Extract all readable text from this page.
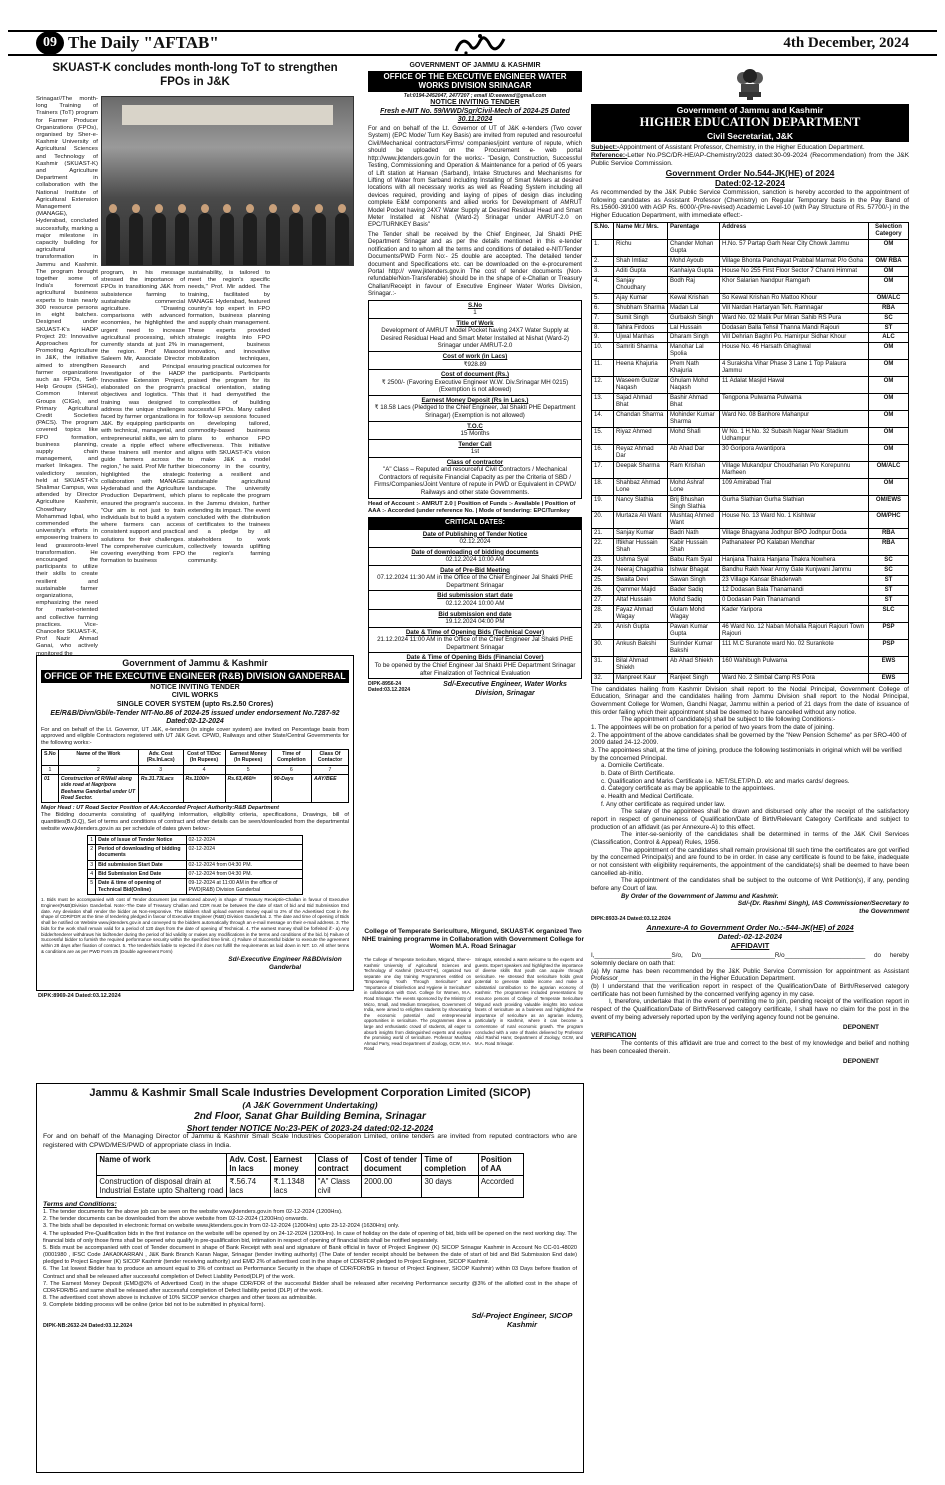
09 The Daily "AFTAB"	4th December, 2024
SKUAST-K concludes month-long ToT to strengthen FPOs in J&K
Srinagar//The month-long Training of Trainers (ToT) program for Farmer Producer Organizations (FPOs), organised by Sher-e-Kashmir University of Agricultural Sciences and Technology of Kashmir (SKUAST-K) and Agriculture Department in collaboration with the National Institute of Agricultural Extension Management (MANAGE), Hyderabad, concluded successfully, marking a major milestone in capacity building for agricultural transformation in Jammu and Kashmir. The program brought together some of India's foremost agricultural business experts to train nearly 300 resource persons in eight batches. Designed under SKUAST-K's HADP Project 20: Innovative Approaches for Promoting Agriculture in J&K, the initiative aimed to strengthen farmer organizations such as FPOs, Self-Help Groups (SHGs), Common Interest Groups (CIGs), and Primary Agricultural Credit Societies (PACS). The program covered topics like FPO formation, business planning, supply chain management, and market linkages. The valedictory session, held at SKUAST-K's Shalimar Campus, was attended by Director Agriculture Kashmir, Chowdhary Mohammad Iqbal, who commended the university's efforts in empowering trainers to lead grassroots-level transformation. He encouraged the participants to utilize their skills to create resilient and sustainable farmer organizations, emphasizing the need for market-oriented and collective farming practices. Vice-Chancellor SKUAST-K, Prof Nazir Ahmad Ganai, who actively monitored the
program, in his message stressed the importance of FPOs in transitioning J&K from subsistence farming to sustainable commercial agriculture. "Drawing comparisons with advanced economies, he highlighted the urgent need to increase agricultural processing, which currently stands at just 2% in the region. Prof Masood Saleem Mir, Associate Director Research and Principal Investigator of the HADP Innovative Extension Project, elaborated on the program's objectives and logistics. "This training was designed to address the unique challenges faced by farmer organizations in J&K. By equipping participants with technical, managerial, and entrepreneurial skills, we aim to create a ripple effect where these trainers will mentor and guide farmers across the region," he said. Prof Mir further highlighted the strategic collaboration with MANAGE Hyderabad and the Agriculture Production Department, which ensured the program's success. "Our aim is not just to train individuals but to build a system where farmers can access consistent support and practical solutions for their challenges. The comprehensive curriculum, covering everything from FPO formation to business
sustainability, is tailored to meet the region's specific needs," Prof. Mir added. The training, facilitated by MANAGE Hyderabad, featured country's top expert in FPO formation, business planning and supply chain management. These experts provided strategic insights into FPO management, business innovation, and innovative mobilization techniques, ensuring practical outcomes for the participants. Participants praised the program for its practical orientation, stating that it had demystified the complexities of building successful FPOs. Many called for follow-up sessions focused on developing tailored, commodity-based business plans to enhance FPO effectiveness. This initiative aligns with SKUAST-K's vision to make J&K a model bioeconomy in the country, fostering a resilient and sustainable agricultural landscape. The university plans to replicate the program in the Jammu division, further extending its impact. The event concluded with the distribution of certificates to the trainees and a pledge by all stakeholders to work collectively towards uplifting the region's farming community.
Government of Jammu & Kashmir
OFFICE OF THE EXECUTIVE ENGINEER (R&B) DIVISION GANDERBAL
NOTICE INVITING TENDER
CIVIL WORKS
SINGLE COVER SYSTEM (upto Rs.2.50 Crores)
EE/R&B/Divn/Gbl/e-Tender NIT-No.86 of 2024-25 issued under endorsement No.7287-92 Dated:02-12-2024
For and on behalf of the Lt. Governor, UT J&K, e-tenders (in single cover system) are invited on Percentage basis from approved and eligible Contractors registered with UT J&K Govt. CPWD, Railways and other State/Central Governments for the following works:-
S.No	Name of the Work	Adv. Cost (Rs.InLacs)	Cost of T/Doc (In Rupees)	Earnest Money (In Rupees)	Time of Completion	Class Of Contactor
1	2	3	4	5	6	7
01	Construction of R/Wall along side road at Nagripora Beehama Ganderbal under UT Road Sector.	Rs.31.73Lacs	Rs.1100/=	Rs.63,460/=	90-Days	AAY/BEE
Major Head : UT Road Sector Position of AA:Accorded Project Authority:R&B Department
The Bidding documents consisting of qualifying information, eligibility criteria, specifications, Drawings, bill of quantities(B.O.Q), Set of terms and conditions of contract and other details can be seen/downloaded from the departmental website www.jktenders.gov.in as per schedule of dates given below:-
1	Date of Issue of Tender Notice	02-12-2024
2	Period of downloading of bidding documents	02-12-2024
3	Bid submission Start Date	02-12-2024 from 04:30 PM.
4	Bid Submission End Date	07-12-2024 from 04:30 PM.
5	Date & time of opening of Technical Bid(Online)	09-12-2024 at 11:00 AM in the office of PWD(R&B) Division Ganderbal
1. Bids must be accompanied with cost of Tender document (as mentioned above) in shape of Treasury Receipt/e-Challan in favour of Executive Engineer(R&B)Division Ganderbal. Note:-The Date of Treasury Challan and CDR must be between the date of start of bid and Bid Submission End date. Any deviation shall render the bidder as Non-responsive. The Bidders shall upload earnest money equal to 2% of the Advertised Cost in the shape of CDR/FDR at the time of tendering pledged in favour of Executive Engineer (R&B) Division Ganderbal. 2. The date and time of opening of Bids shall be notified on Website www.jktenders.gov.in and conveyed to the bidders automatically through an e-mail message on their e-mail address. 3. The bids for the work shall remain valid for a period of 120 days from the date of opening of Technical. 4. The earnest money shall be forfeited if:- a) Any bidder/tenderer withdraws his bid/tender during the period of bid validity or makes any modifications in the terms and conditions of the bid. b) Failure of Successful bidder to furnish the required performance security within the specified time limit. c) Failure of Successful bidder to execute the agreement within 28 days after fixation of contract. 5. The tender/bids liable to rejected if it does not fulfill the requirements as laid down in NIT. 10. All other terms & conditions are as per PWD Form 25 (Double agreement Form)
Sd/-Executive Engineer R&BDivision Ganderbal
DIPK:8969-24 Dated:03.12.2024
GOVERNMENT OF JAMMU & KASHMIR
OFFICE OF THE EXECUTIVE ENGINEER WATER WORKS DIVISION SRINAGAR
Tel:0194-2452047, 2477207 ; email ID:eewwsd@gmail.com
NOTICE INVITING TENDER
Fresh e-NIT No. 59/WWD/Sgr/Civil-Mech of 2024-25 Dated 30.11.2024
For and on behalf of the Lt. Governor of UT of J&K e-tenders (Two cover System) (EPC Mode/ Turn Key Basis) are invited from reputed and resourceful Civil/Mechanical contractors/Firms/ companies/joint venture of repute, which should be uploaded on the Procurement e- web portal http://www.jktenders.gov.in for the works:- "Design, Construction, Successful Testing, Commissioning and Operation & Maintenance for a period of 05 years of Lift station at Harwan (Sarband), Intake Structures and Mechanisms for Lifting of Water from Sarband including Installing of Smart Meters at desired locations with all necessary works as well as Reading System including all devices required, providing and laying of pipes of design dias including complete E&M components and allied works for Development of AMRUT Model Pocket having 24X7 Water Supply at Desired Residual Head and Smart Meter Installed at Nishat (Ward-2) Srinagar under AMRUT-2.0 on EPC/TURNKEY Basis"
The Tender shall be received by the Chief Engineer, Jal Shakti PHE Department Srinagar and as per the details mentioned in this e-tender notification and to whom all the terms and conditions of detailed e-NIT/Tender Documents/PWD Form No:- 25 double are accepted. The detailed tender document and Specifications etc. can be downloaded on the e-procurement Portal http:// www.jktenders.gov.in The cost of tender documents (Non-refundable/Non-Transferable) should be in the shape of e-Challan or Treasury Challan/Receipt in favour of Executive Engineer Water Works Division, Srinagar.:-
S.No
1

Title of Work
Development of AMRUT Model Pocket having 24X7 Water Supply at Desired Residual Head and Smart Meter Installed at Nishat (Ward-2) Srinagar under AMRUT-2.0

Cost of work (in Lacs)
₹928.89

Cost of document (Rs.)
₹ 2500/- (Favoring Executive Engineer W.W. Div.Srinagar MH 0215) (Exemption is not allowed)

Earnest Money Deposit (Rs in Lacs.)
₹ 18.58 Lacs (Pledged to the Chief Engineer, Jal Shakti PHE Department Srinagar) (Exemption is not allowed)

T.O.C
15 Months

Tender Call
1st

Class of contractor
"A" Class – Reputed and resourceful Civil Contractors / Mechanical Contractors of requisite Financial Capacity as per the Criteria of SBD / Firms/Companies/Joint Venture of repute in PWD or Equivalent in CPWD/ Railways and other state Governments.
Head of Account :- AMRUT 2.0 | Position of Funds :- Available | Position of AAA :- Accorded (under reference No. | Mode of tendering: EPC/Turnkey
CRITICAL DATES:

Date of Publishing of Tender Notice
02.12.2024

Date of downloading of bidding documents
02.12.2024 10:00 AM

Date of Pre-Bid Meeting
07.12.2024 11:30 AM in the Office of the Chief Engineer Jal Shakti PHE Department Srinagar

Bid submission start date
02.12.2024 10:00 AM

Bid submission end date
19.12.2024 04:00 PM

Date & Time of Opening Bids (Technical Cover)
21.12.2024 11:00 AM in the Office of the Chief Engineer Jal Shakti PHE Department Srinagar

Date & Time of Opening Bids (Financial Cover)
To be opened by the Chief Engineer Jal Shakti PHE Department Srinagar after Finalization of Technical Evaluation
DIPK-8956-24 Dated:03.12.2024
Sd/-Executive Engineer, Water Works Division, Srinagar
College of Temperate Sericulture, Mirgund, SKUAST-K organized Two NHE training programme in Collaboration with Government College for Women M.A. Road Srinagar
The College of Temperate Sericulture, Mirgund, Sher-e-Kashmir University of Agricultural Sciences and Technology of Kashmir (SKUAST-K), organized two separate one day training Programmes entitled on "Empowering Youth Through Sericulture" and "Importance of Disinfection and Hygiene in Sericulture" in collaboration with Govt. College for Women, M.A. Road Srinagar. The events sponsored by the Ministry of Micro, Small, and Medium Enterprises, Government of India, were aimed to enlighten students by showcasing the economic potential and entrepreneurial opportunities in sericulture. The programmes drew a large and enthusiastic crowd of students, all eager to absorb insights from distinguished experts and explore the promising world of sericulture. Professor Mushtaq Ahmad Parry, Head Department of Zoology, GCW, M.A. Road
Srinagar, extended a warm welcome to the experts and guests. Expert speakers and highlighted the importance of diverse skills that youth can acquire through sericulture. He stressed that sericulture holds great potential to generate stable income and make a substantial contribution to the agrarian economy of Kashmir. The programmes included presentations by resource persons of College of Temperate Sericulture Mirgund each providing valuable insights into various facets of sericulture as a business and highlighted the importance of sericulture as an agrarian industry, particularly in Kashmir, where it can become a cornerstone of rural economic growth. The program concluded with a vote of thanks delivered by Professor Abid Rashid Hamr, Department of Zoology, GCW, and M.A. Road Srinagar.
Jammu & Kashmir Small Scale Industries Development Corporation Limited (SICOP)
(A J&K Government Undertaking)
2nd Floor, Sanat Ghar Building Bemina, Srinagar
Short tender NOTICE No:23-PEK of 2023-24 dated:02-12-2024
For and on behalf of the Managing Director of Jammu & Kashmir Small Scale Industries Cooperation Limited, online tenders are invited from reputed contractors who are registered with CPWD/MES/PWD of appropriate class in India.
Name of work	Adv. Cost. In lacs	Earnest money	Class of contract	Cost of tender document	Time of completion	Position of AA
Construction of disposal drain at Industrial Estate upto Shalteng road	₹.56.74 lacs	₹.1.1348 lacs	"A" Class civil	2000.00	30 days	Accorded
Terms and Conditions:
1. The tender documents for the above job can be seen on the website www.jktenders.gov.in from 02-12-2024 (1200Hrs).
2. The tender documents can be downloaded from the above website from 02-12-2024 (1200Hrs) onwards.
3. The bids shall be deposited in electronic format on website www.jktenders.gov.in from 02-12-2024 (1200Hrs) upto 23-12-2024 (1630Hrs) only.
4. The uploaded Pre-Qualification bids in the first instance on the website will be opened by on 24-12-2024 (1200Hrs). In case of holiday on the date of opening of bid, bids will be opened on the next working day. The financial bids of only those firms shall be opened who qualify in pre-qualification bid, intimation in respect of opening of financial bids shall be notified separately.
5. Bids must be accompanied with cost of Tender document in shape of Bank Receipt with seal and signature of Bank official in favor of Project Engineer (K) SICOP Srinagar Kashmir in Account No CC-01-48020 (0001980 , IFSC Code JAKA0KARRAN , J&K Bank Branch Karan Nagar, Srinagar (tender inviting authority) (The Date of tender receipt should be between the date of start of bid and Bid Submission End date) pledged to Project Engineer (K) SICOP Kashmir (tender receiving authority) and EMD 2% of advertised cost in the shape of CDR/FDR pledged to Project Engineer, SICOP Kashmir.
6. The 1st lowest Bidder has to produce an amount equal to 3% of contract as Performance Security in the shape of CDR/FDR/BG in favour of Project Engineer, SICOP Kashmir) within 03 Days before fixation of Contract and shall be released after successful completion of Defect Liability Period(DLP) of the work.
7. The Earnest Money Deposit (EMD@2% of Advertised Cost) in the shape CDR/FDR of the successful Bidder shall be released after receiving Performance security @3% of the allotted cost in the shape of CDR/FDR/BG and same shall be released after successful completion of Defect liability period (DLP) of the work.
8. The advertised cost shown above is inclusive of 10% SICOP service charges and other taxes as admissible.
9. Complete bidding process will be online (price bid not to be submitted in physical form).
DIPK-NB:2632-24 Dated:03.12.2024
Sd/-Project Engineer, SICOP Kashmir
Government of Jammu and Kashmir
HIGHER EDUCATION DEPARTMENT
Civil Secretariat, J&K
Subject:-Appointment of Assistant Professor, Chemistry, in the Higher Education Department.
Reference:-Letter No.PSC/DR-HE/AP-Chemistry/2023 dated:30-09-2024 (Recommendation) from the J&K Public Service Commission.
Government Order No.544-JK(HE) of 2024
Dated:02-12-2024
As recommended by the J&K Public Service Commission, sanction is hereby accorded to the appointment of following candidates as Assistant Professor (Chemistry) on Regular Temporary basis in the Pay Band of Rs.15600-39100 with AGP Rs. 6000/-(Pre-revised) Academic Level-10 (with Pay Structure of Rs. 57700/-) in the Higher Education Department, with immediate effect:-
S.No.	Name Mr./ Mrs.	Parentage	Address	Selection Category
1.	Richu	Chander Mohan Gupta	H.No. 57 Partap Garh Near City Chowk Jammu	OM
2.	Shah Imtiaz	Mohd Ayoub	Village Bhonta Panchayat Prabbal Marmat P/o Goha	OM/ RBA
3.	Aditi Gupta	Kanhaiya Gupta	House No 255 First Floor Sector 7 Channi Himmat	OM
4.	Sanjay Choudhary	Bodh Raj	Khor Salarian Nandpur Ramgarh	OM
5.	Ajay Kumar	Kewal Krishan	So Kewal Krishan Ro Mattoo Khour	OM/ALC
6.	Shubham Sharma	Madan Lal	Vill Nardan Hartaryan Teh. Ramnagar	RBA
7.	Sumit Singh	Gurbaksh Singh	Ward No. 02 Malik Pur Miran Sahib RS Pura	SC
8.	Tahira Firdoos	Lal Hussain	Dodasan Balla Tehsil Thanna Mandi Rajouri	ST
9.	Ujwal Manhas	Dharam Singh	Vill Dehrian Baghri Po. Hamirpur Sidhar Khour	ALC
10.	Samriti Sharma	Manohar Lal Spolia	House No. 46 Harsath Ghaghwal	OM
11.	Heena Khajuria	Prem Nath Khajuria	4 Suraksha Vihar Phase 3 Lane 1 Top Palaura Jammu	OM
12.	Waseem Gulzar Naqash	Ghulam Mohd Naqash	11 Adalat Masjid Hawal	OM
13.	Sajad Ahmad Bhat	Bashir Ahmad Bhat	Tengpona Pulwama Pulwama	OM
14.	Chandan Sharma	Mohinder Kumar Sharma	Ward No. 08 Banhore Mahanpur	OM
15.	Riyaz Ahmed	Mohd Shafi	W No. 1 H.No. 32 Subash Nagar Near Stadium Udhampur	OM
16.	Reyaz Ahmad Dar	Ab Ahad Dar	30 Goripora Awantipora	OM
17.	Deepak Sharma	Ram Krishan	Village Mukandpur Choudharian P/o Korepunnu Marheen	OM/ALC
18.	Shahbaz Ahmad Lone	Mohd Ashraf Lone	109 Amirabad Tral	OM
19.	Nancy Slathia	Brij Bhushan Singh Slathia	Gurha Slathian Gurha Slathian	OM/EWS
20.	Murtaza Ali Want	Mushtaq Ahmed Want	House No. 13 Ward No. 1 Kishtwar	OM/PHC
21.	Sanjay Kumar	Badri Nath	Village Bhagyana Jodhpur BPO Jodhpur Doda	RBA
22.	Iftikhar Hussain Shah	Kabir Hussain Shah	Pathanateer PO Kalaban Mendhar	RBA
23.	Ushma Syal	Babu Ram Syal	Hanjana Thakra Hanjana Thakra Nowhera	SC
24.	Neeraj Chagathia	Ishwar Bhagat	Bandhu Rakh Near Army Gate Kunjwani Jammu	SC
25.	Swaita Devi	Sawan Singh	23 Village Kansar Bhaderwah	ST
26.	Qammer Majid	Bader Sadiq	12 Dodasan Bala Thanamandi	ST
27.	Altaf Hussain	Mohd Sadiq	0 Dodasan Pain Thanamandi	ST
28.	Fayaz Ahmad Wagay	Gulam Mohd Wagay	Kader Yaripora	SLC
29.	Anish Gupta	Pawan Kumar Gupta	46 Ward No. 12 Naban Mohalla Rajouri Rajouri Town Rajouri	PSP
30.	Ankush Bakshi	Surinder Kumar Bakshi	111 M.C Suranote ward No. 02 Surankote	PSP
31.	Bilal Ahmad Shiekh	Ab Ahad Shiekh	160 Wahibugh Pulwama	EWS
32.	Manpreet Kaur	Ranjeet Singh	Ward No. 2 Simbal Camp RS Pora	EWS
The candidates hailing from Kashmir Division shall report to the Nodal Principal, Government College of Education, Srinagar and the candidates hailing from Jammu Division shall report to the Nodal Principal, Government College for Women, Gandhi Nagar, Jammu within a period of 21 days from the date of issuance of this order failing which their appointment shall be deemed to have cancelled without any notice.
The appointment of candidate(s) shall be subject to tile following Conditions:-
1. The appointees will be on probation for a period of two years from the date of joining.
2. The appointment of the above candidates shall be governed by the "New Pension Scheme" as per SRO-400 of 2009 dated 24-12-2009.
3. The appointees shall, at the time of joining, produce the following testimonials in original which will be verified by the concerned Principal.
a. Domicile Certificate.
b. Date of Birth Certificate.
c. Qualification and Marks Certificate i.e. NET/SLET/Ph.D. etc and marks cards/ degrees.
d. Category certificate as may be applicable to the appointees.
e. Health and Medical Certificate.
f. Any other certificate as required under law.
The salary of the appointees shall be drawn and disbursed only after the receipt of the satisfactory report in respect of genuineness of Qualification/Date of Birth/Relevant Category Certificate and subject to production of an affidavit (as per Annexure-A) to this effect.
The inter-se-seniority of the candidates shall be determined in terms of the J&K Civil Services (Classification, Control & Appeal) Rules, 1956.
The appointment of the candidates shall remain provisional till such time the certificates are got verified by the concerned Principal(s) and are found to be in order. In case any certificate is found to be fake, inadequate or not consistent with eligibility requirements, the appointment of the candidate(s) shall be deemed to have been cancelled ab-initio.
The appointment of the candidates shall be subject to the outcome of Writ Petition(s), if any, pending before any Court of law.
By Order of the Government of Jammu and Kashmir.
Sd/-(Dr. Rashmi Singh), IAS Commissioner/Secretary to the Government
DIPK:8933-24 Dated:03.12.2024
Annexure-A to Government Order No.:-544-JK(HE) of 2024
Dated:-02-12-2024
AFFIDAVIT
I,______________________S/o, D/o_____________________R/o_______________________ do hereby solemnly declare on oath that:
(a) My name has been recommended by the J&K Public Service Commission for appointment as Assistant Professor_____________________ in the Higher Education Department.
(b) I understand that the verification report in respect of the Qualification/Date of Birth/Reserved category certificate has not been furnished by the concerned verifying agency in my case.
I, therefore, undertake that in the event of permitting me to join, pending receipt of the verification report in respect of the Qualification/Date of Birth/Reserved category certificate, I shall have no claim for the post in the event of my being adversely reported upon by the verifying agency found not be genuine.
DEPONENT
VERIFICATION
The contents of this affidavit are true and correct to the best of my knowledge and belief and nothing has been concealed therein.
DEPONENT
